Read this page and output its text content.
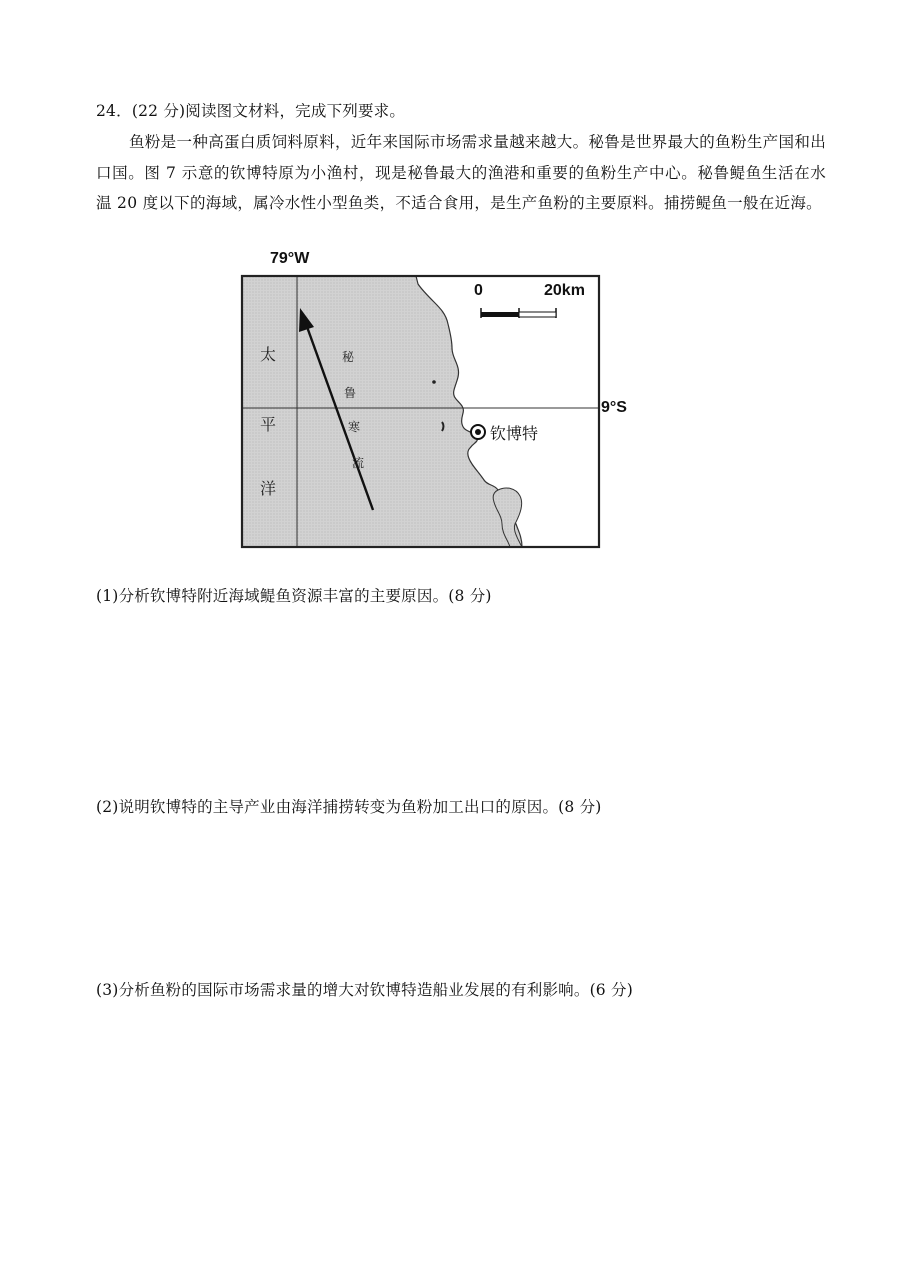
24．(22 分)阅读图文材料，完成下列要求。
鱼粉是一种高蛋白质饲料原料，近年来国际市场需求量越来越大。秘鲁是世界最大的鱼粉生产国和出口国。图 7 示意的钦博特原为小渔村，现是秘鲁最大的渔港和重要的鱼粉生产中心。秘鲁鳀鱼生活在水温 20 度以下的海域，属冷水性小型鱼类，不适合食用，是生产鱼粉的主要原料。捕捞鳀鱼一般在近海。
79°W
9°S
0	20km
太
平
洋
秘
鲁
寒
流
钦博特
(1)分析钦博特附近海域鳀鱼资源丰富的主要原因。(8 分)
(2)说明钦博特的主导产业由海洋捕捞转变为鱼粉加工出口的原因。(8 分)
(3)分析鱼粉的国际市场需求量的增大对钦博特造船业发展的有利影响。(6 分)
